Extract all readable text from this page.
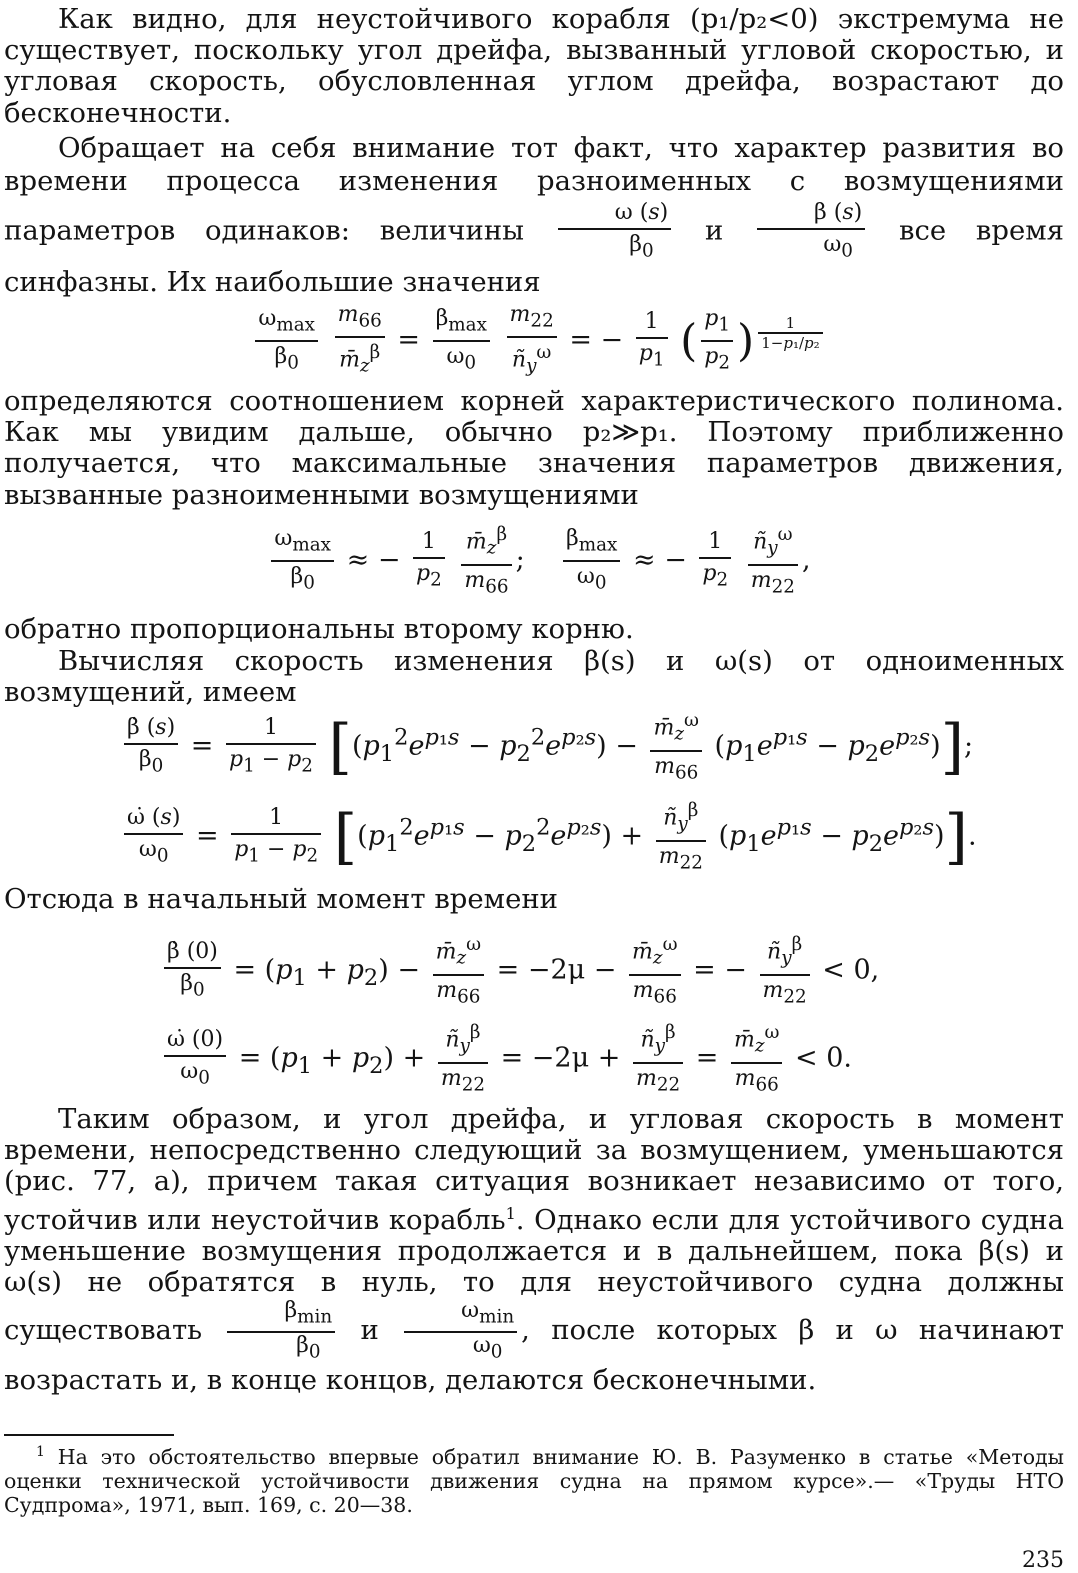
Как видно, для неустойчивого корабля (p₁/p₂<0) экстремума не существует, поскольку угол дрейфа, вызванный угловой скоростью, и угловая скорость, обусловленная углом дрейфа, возрастают до бесконечности.

Обращает на себя внимание тот факт, что характер развития во времени процесса изменения разноименных с возмущениями параметров одинаков: величины $\frac{\omega (s)}{\beta_0}$ и $\frac{\beta (s)}{\omega_0}$ все время синфазны. Их наибольшие значения

$\frac{\omega_{max}}{\beta_0}$
$\frac{m_{66}}{m̄_z^\beta} = \frac{\beta_{max}}{\omega_0}$
$\frac{m_{22}}{ñ_y^\omega}$ = − $\frac{1}{p_1}$ ( $\frac{p_1}{p_2}$ ) $^{\frac{1}{\text{1−p₁/p₂}}}$

определяются соотношением корней характеристического полинома. Как мы увидим дальше, обычно p₂≫p₁. Поэтому приближенно получается, что максимальные значения параметров движения, вызванные разноименными возмущениями

$\frac{\omega_{max}}{\beta_0}$ ≈ − $\frac{1}{p_2}$
$\frac{m̄_z^\beta}{m_{66}}$ ; $\frac{\beta_{max}}{\omega_0}$ ≈ − $\frac{1}{p_2}$
$\frac{ñ_y^\omega}{m_{22}}$ ,

обратно пропорциональны второму корню.

Вычисляя скорость изменения β(s) и ω(s) от одноименных возмущений, имеем

$\frac{\betȧ (s)}{\beta_0} = \frac{1}{p_1 - p_2} [(p_1^2e^{p_1s} - p_2^2e^{p_2s}) - \frac{m̄_z^\omega}{m_{66}} (p_1e^{p_1s} - p_2e^{p_2s})]$;
$\frac{\omegȧ (s)}{\omega_0} = \frac{1}{p_1 - p_2} [(p_1^2e^{p_1s} - p_2^2e^{p_2s}) + \frac{ñ_y^\beta}{m_{22}} (p_1e^{p_1s} - p_2e^{p_2s})]$.

Отсюда в начальный момент времени

$\frac{\betȧ (0)}{\beta_0} = (p_1 + p_2) - \frac{m̄_z^\omega}{m_{66}} = -2\mu - \frac{m̄_z^\omega}{m_{66}}$ = − $\frac{ñ_y^\beta}{m_{22}} < 0$,
$\frac{\omegȧ (0)}{\omega_0} = (p_1 + p_2) + \frac{ñ_y^\beta}{m_{22}} = -2\mu + \frac{ñ_y^\beta}{m_{22}} = \frac{m̄_z^\omega}{m_{66}} < 0$.

Таким образом, и угол дрейфа, и угловая скорость в момент времени, непосредственно следующий за возмущением, уменьшаются (рис. 77, а), причем такая ситуация возникает независимо от того, устойчив или неустойчив корабль$^1$. Однако если для устойчивого судна уменьшение возмущения продолжается и в дальнейшем, пока β(s) и ω(s) не обратятся в нуль, то для неустойчивого судна должны существовать $\frac{\beta_{min}}{\beta_0}$ и $\frac{\omega_{min}}{\omega_0}$ , после которых β и ω начинают возрастать и, в конце концов, делаются бесконечными.

$^1$ На это обстоятельство впервые обратил внимание Ю. В. Разуменко в статье «Методы оценки технической устойчивости движения судна на прямом курсе».— «Труды НТО Судпрома», 1971, вып. 169, с. 20—38.

235
